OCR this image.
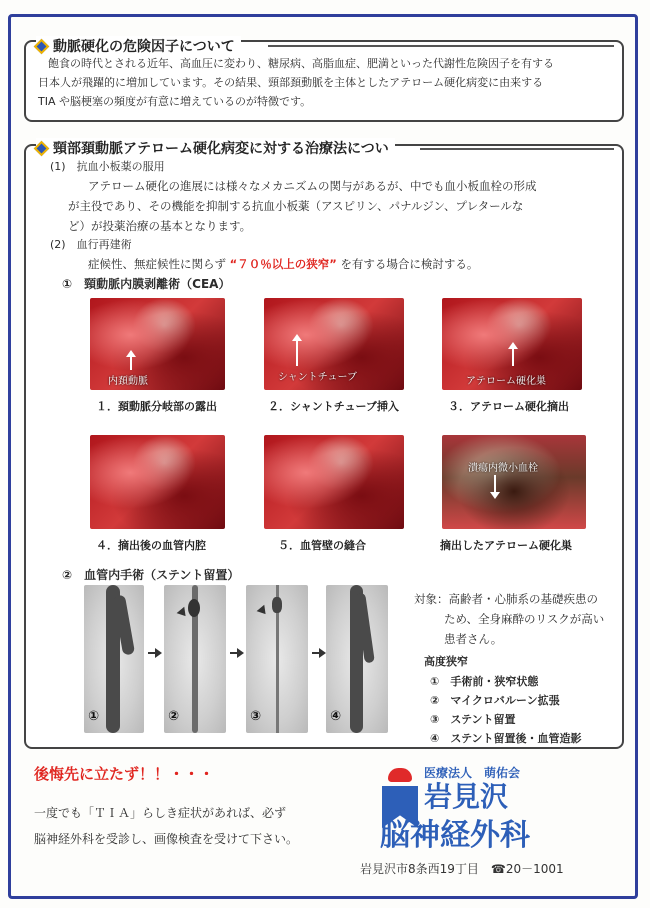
動脈硬化の危険因子について
飽食の時代とされる近年、高血圧に変わり、糖尿病、高脂血症、肥満といった代謝性危険因子を有する
日本人が飛躍的に増加しています。その結果、頸部頚動脈を主体としたアテローム硬化病変に由来する
TIA や脳梗塞の頻度が有意に増えているのが特徴です。
頸部頚動脈アテローム硬化病変に対する治療法につい
(1)　抗血小板薬の服用
アテローム硬化の進展には様々なメカニズムの関与があるが、中でも血小板血栓の形成
が主役であり、その機能を抑制する抗血小板薬（アスピリン、パナルジン、プレタールな
ど）が投薬治療の基本となります。
(2)　血行再建術
症候性、無症候性に関らず “７０％以上の狭窄” を有する場合に検討する。
①　頸動脈内膜剥離術（CEA）
内頚動脈
１．頚動脈分岐部の露出
シャントチューブ
２．シャントチューブ挿入
アテローム硬化巣
３．アテローム硬化摘出
４．摘出後の血管内腔	５．血管壁の縫合
潰瘍内微小血栓
摘出したアテローム硬化巣
②　血管内手術（ステント留置）
①	②	③	④
対象：高齢者・心肺系の基礎疾患の
ため、全身麻酔のリスクが高い
患者さん。
高度狭窄
①　手術前・狭窄状態
②　マイクロバルーン拡張
③　ステント留置
④　ステント留置後・血管造影
後悔先に立たず！！・・・
一度でも「ＴＩＡ」らしき症状があれば、必ず
脳神経外科を受診し、画像検査を受けて下さい。
医療法人　萌佑会
岩見沢
脳神経外科
岩見沢市8条西19丁目　☎20－1001
